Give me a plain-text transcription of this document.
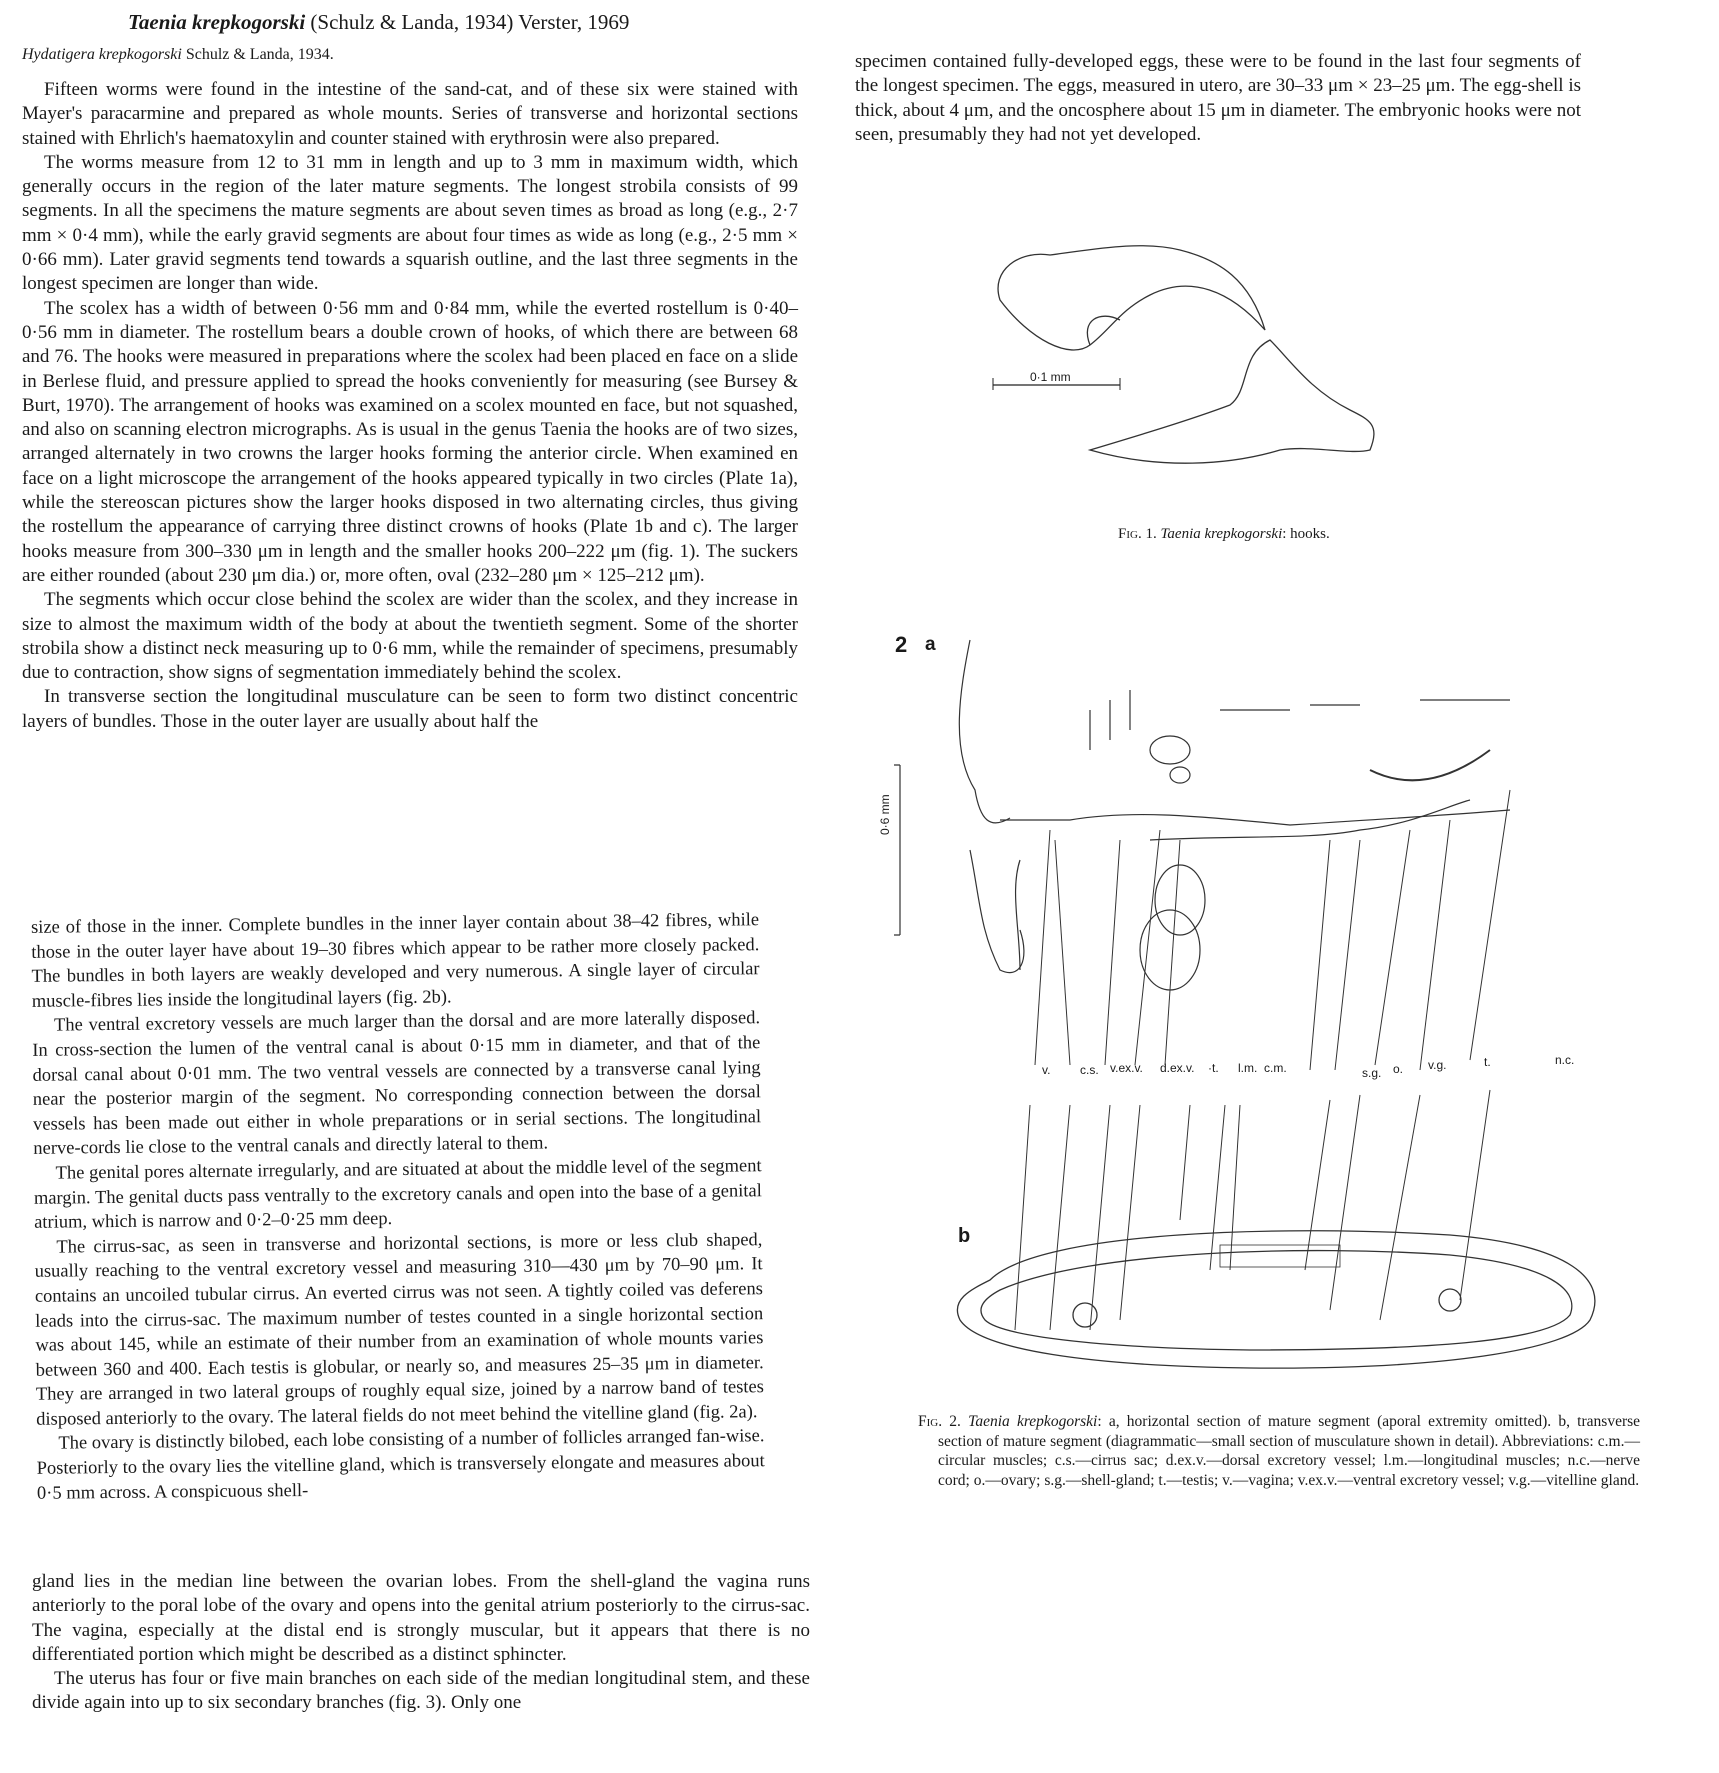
Taenia krepkogorski (Schulz & Landa, 1934) Verster, 1969
Hydatigera krepkogorski Schulz & Landa, 1934.

Fifteen worms were found in the intestine of the sand-cat, and of these six were stained with Mayer's paracarmine and prepared as whole mounts. Series of transverse and horizontal sections stained with Ehrlich's haematoxylin and counter stained with erythrosin were also prepared.

The worms measure from 12 to 31 mm in length and up to 3 mm in maximum width, which generally occurs in the region of the later mature segments. The longest strobila consists of 99 segments. In all the specimens the mature segments are about seven times as broad as long (e.g., 2·7 mm × 0·4 mm), while the early gravid segments are about four times as wide as long (e.g., 2·5 mm × 0·66 mm). Later gravid segments tend towards a squarish outline, and the last three segments in the longest specimen are longer than wide.

The scolex has a width of between 0·56 mm and 0·84 mm, while the everted rostellum is 0·40–0·56 mm in diameter. The rostellum bears a double crown of hooks, of which there are between 68 and 76. The hooks were measured in preparations where the scolex had been placed en face on a slide in Berlese fluid, and pressure applied to spread the hooks conveniently for measuring (see Bursey & Burt, 1970). The arrangement of hooks was examined on a scolex mounted en face, but not squashed, and also on scanning electron micrographs. As is usual in the genus Taenia the hooks are of two sizes, arranged alternately in two crowns the larger hooks forming the anterior circle. When examined en face on a light microscope the arrangement of the hooks appeared typically in two circles (Plate 1a), while the stereoscan pictures show the larger hooks disposed in two alternating circles, thus giving the rostellum the appearance of carrying three distinct crowns of hooks (Plate 1b and c). The larger hooks measure from 300–330 μm in length and the smaller hooks 200–222 μm (fig. 1). The suckers are either rounded (about 230 μm dia.) or, more often, oval (232–280 μm × 125–212 μm).

The segments which occur close behind the scolex are wider than the scolex, and they increase in size to almost the maximum width of the body at about the twentieth segment. Some of the shorter strobila show a distinct neck measuring up to 0·6 mm, while the remainder of specimens, presumably due to contraction, show signs of segmentation immediately behind the scolex.

In transverse section the longitudinal musculature can be seen to form two distinct concentric layers of bundles. Those in the outer layer are usually about half the

size of those in the inner. Complete bundles in the inner layer contain about 38–42 fibres, while those in the outer layer have about 19–30 fibres which appear to be rather more closely packed. The bundles in both layers are weakly developed and very numerous. A single layer of circular muscle-fibres lies inside the longitudinal layers (fig. 2b).

The ventral excretory vessels are much larger than the dorsal and are more laterally disposed. In cross-section the lumen of the ventral canal is about 0·15 mm in diameter, and that of the dorsal canal about 0·01 mm. The two ventral vessels are connected by a transverse canal lying near the posterior margin of the segment. No corresponding connection between the dorsal vessels has been made out either in whole preparations or in serial sections. The longitudinal nerve-cords lie close to the ventral canals and directly lateral to them.

The genital pores alternate irregularly, and are situated at about the middle level of the segment margin. The genital ducts pass ventrally to the excretory canals and open into the base of a genital atrium, which is narrow and 0·2–0·25 mm deep.

The cirrus-sac, as seen in transverse and horizontal sections, is more or less club shaped, usually reaching to the ventral excretory vessel and measuring 310—430 μm by 70–90 μm. It contains an uncoiled tubular cirrus. An everted cirrus was not seen. A tightly coiled vas deferens leads into the cirrus-sac. The maximum number of testes counted in a single horizontal section was about 145, while an estimate of their number from an examination of whole mounts varies between 360 and 400. Each testis is globular, or nearly so, and measures 25–35 μm in diameter. They are arranged in two lateral groups of roughly equal size, joined by a narrow band of testes disposed anteriorly to the ovary. The lateral fields do not meet behind the vitelline gland (fig. 2a).

The ovary is distinctly bilobed, each lobe consisting of a number of follicles arranged fan-wise. Posteriorly to the ovary lies the vitelline gland, which is transversely elongate and measures about 0·5 mm across. A conspicuous shell-

gland lies in the median line between the ovarian lobes. From the shell-gland the vagina runs anteriorly to the poral lobe of the ovary and opens into the genital atrium posteriorly to the cirrus-sac. The vagina, especially at the distal end is strongly muscular, but it appears that there is no differentiated portion which might be described as a distinct sphincter.

The uterus has four or five main branches on each side of the median longitudinal stem, and these divide again into up to six secondary branches (fig. 3). Only one

specimen contained fully-developed eggs, these were to be found in the last four segments of the longest specimen. The eggs, measured in utero, are 30–33 μm × 23–25 μm. The egg-shell is thick, about 4 μm, and the oncosphere about 15 μm in diameter. The embryonic hooks were not seen, presumably they had not yet developed.

0·1 mm
Fig. 1. Taenia krepkogorski: hooks.
2 a
b
0·6 mm
v. c.s. v.ex.v. d.ex.v. ·t. l.m. c.m.	s.g. o. v.g.	t.	n.c.
Fig. 2. Taenia krepkogorski: a, horizontal section of mature segment (aporal extremity omitted). b, transverse section of mature segment (diagrammatic—small section of musculature shown in detail). Abbreviations: c.m.—circular muscles; c.s.—cirrus sac; d.ex.v.—dorsal excretory vessel; l.m.—longitudinal muscles; n.c.—nerve cord; o.—ovary; s.g.—shell-gland; t.—testis; v.—vagina; v.ex.v.—ventral excretory vessel; v.g.—vitelline gland.
